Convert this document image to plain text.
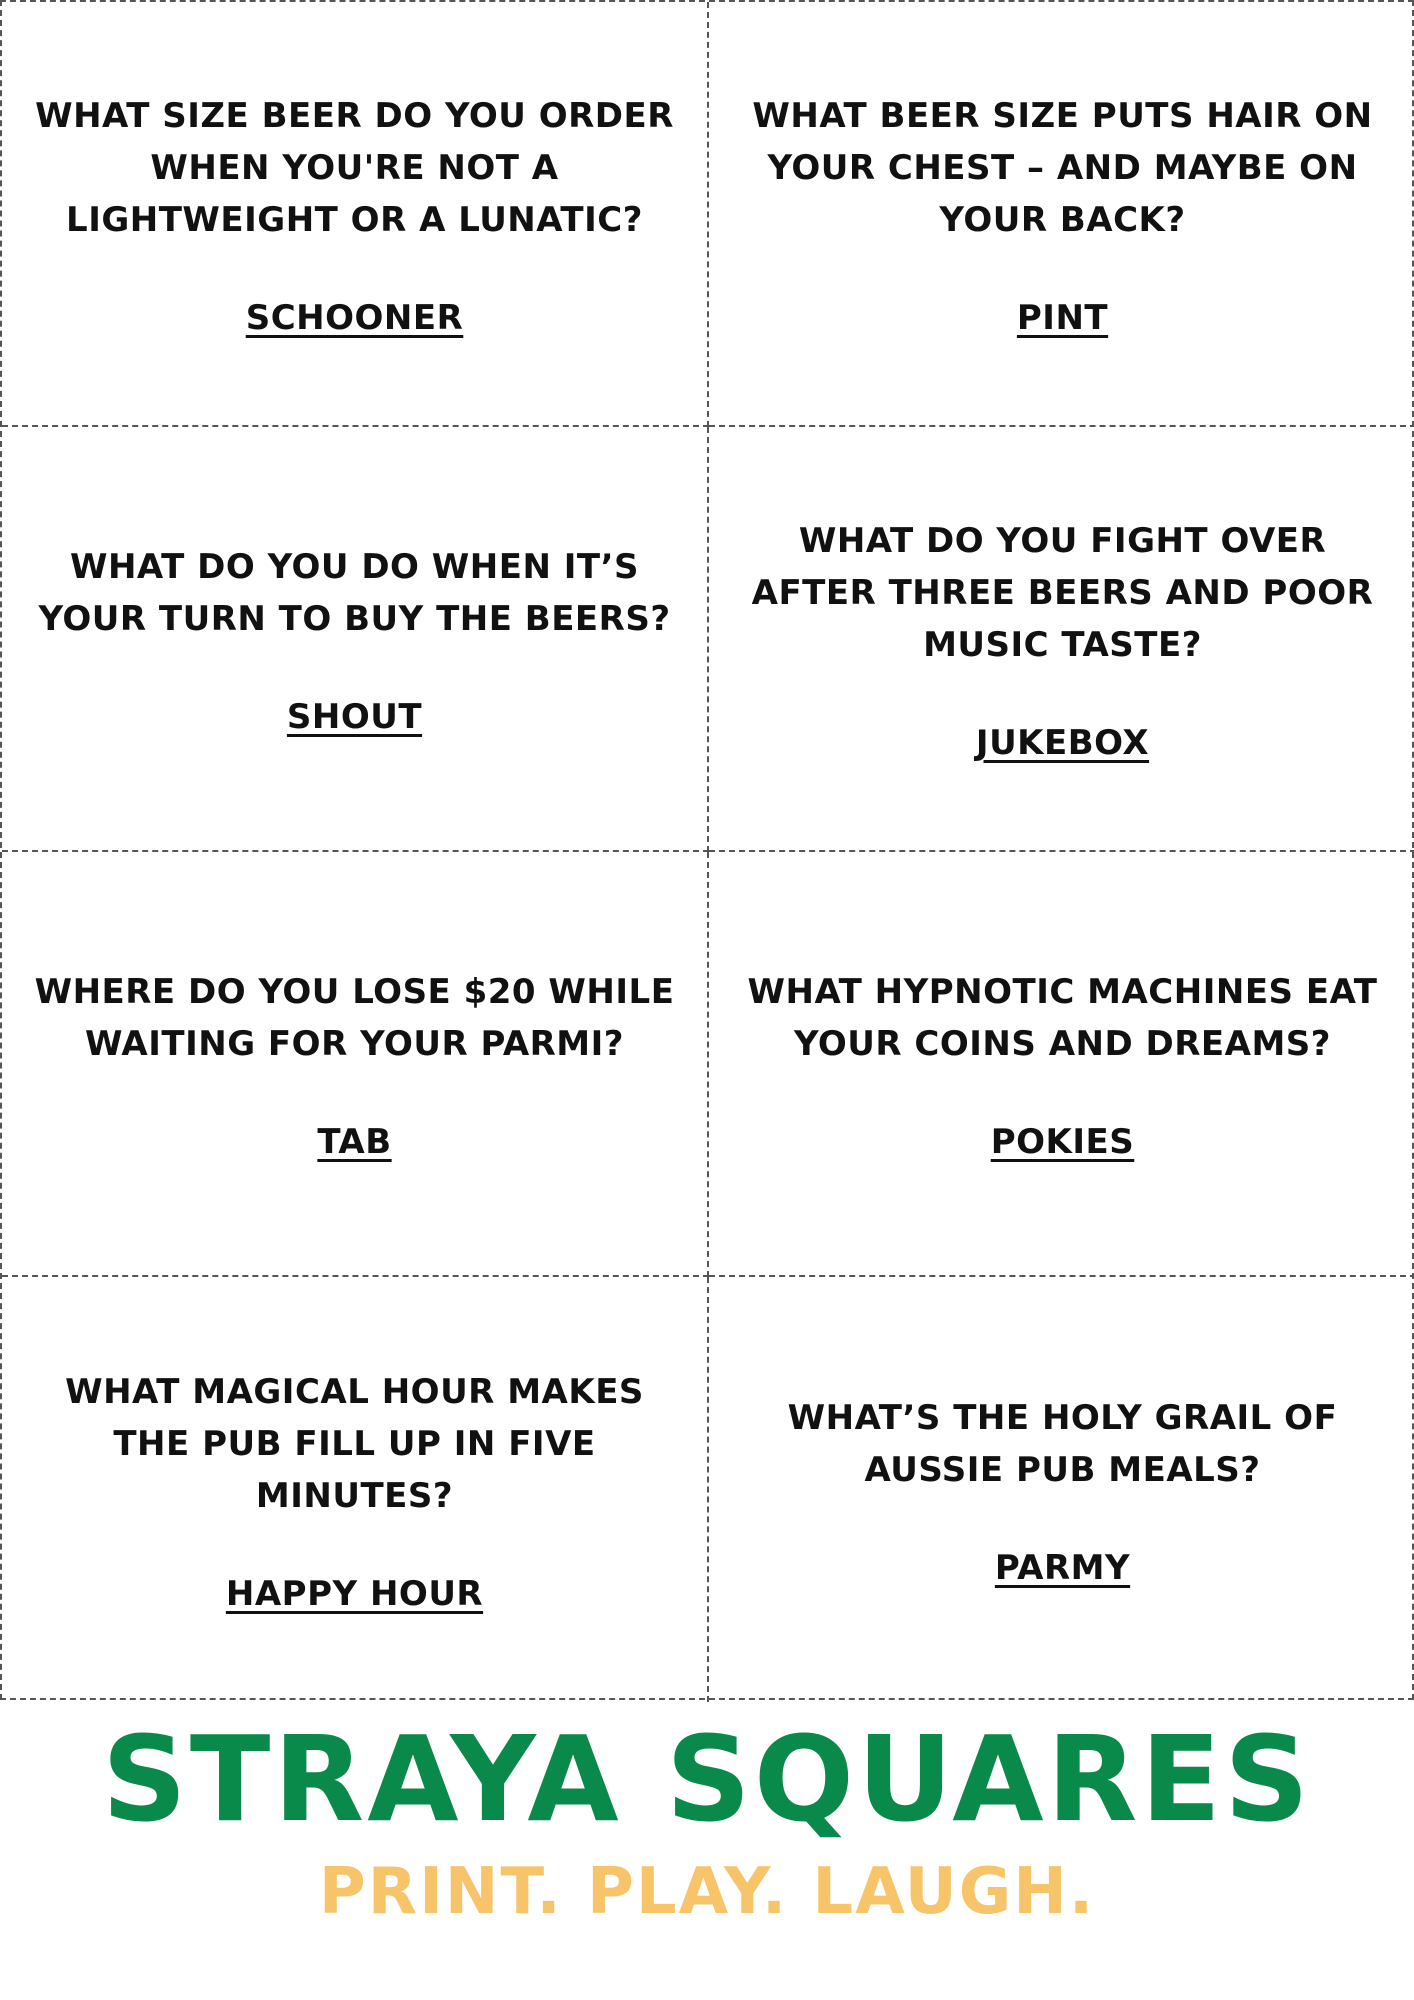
WHAT SIZE BEER DO YOU ORDER WHEN YOU'RE NOT A LIGHTWEIGHT OR A LUNATIC?
SCHOONER
WHAT BEER SIZE PUTS HAIR ON YOUR CHEST – AND MAYBE ON YOUR BACK?
PINT
WHAT DO YOU DO WHEN IT’S YOUR TURN TO BUY THE BEERS?
SHOUT
WHAT DO YOU FIGHT OVER AFTER THREE BEERS AND POOR MUSIC TASTE?
JUKEBOX
WHERE DO YOU LOSE $20 WHILE WAITING FOR YOUR PARMI?
TAB
WHAT HYPNOTIC MACHINES EAT YOUR COINS AND DREAMS?
POKIES
WHAT MAGICAL HOUR MAKES THE PUB FILL UP IN FIVE MINUTES?
HAPPY HOUR
WHAT’S THE HOLY GRAIL OF AUSSIE PUB MEALS?
PARMY
STRAYA SQUARES
PRINT. PLAY. LAUGH.
